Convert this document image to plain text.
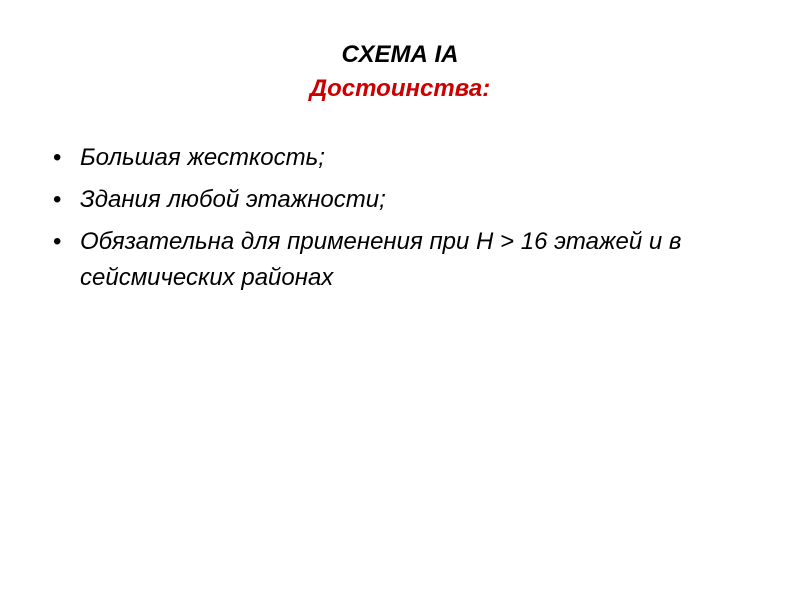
СХЕМА IA
Достоинства:
• Большая жесткость;
• Здания любой этажности;
• Обязательна для применения при Н > 16 этажей и в сейсмических районах
